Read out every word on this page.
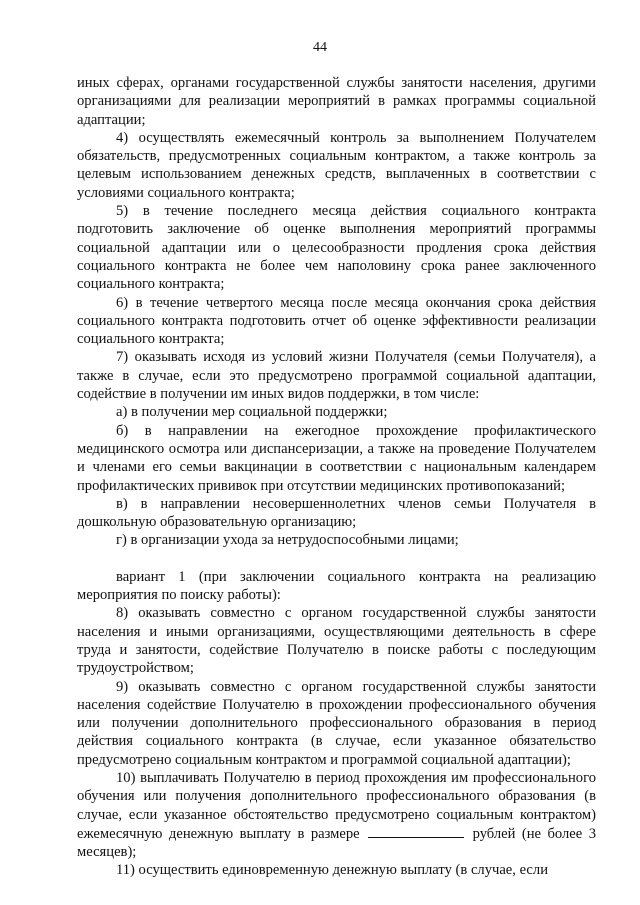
44

иных сферах, органами государственной службы занятости населения, другими организациями для реализации мероприятий в рамках программы социальной адаптации;

4) осуществлять ежемесячный контроль за выполнением Получателем обязательств, предусмотренных социальным контрактом, а также контроль за целевым использованием денежных средств, выплаченных в соответствии с условиями социального контракта;

5) в течение последнего месяца действия социального контракта подготовить заключение об оценке выполнения мероприятий программы социальной адаптации или о целесообразности продления срока действия социального контракта не более чем наполовину срока ранее заключенного социального контракта;

6) в течение четвертого месяца после месяца окончания срока действия социального контракта подготовить отчет об оценке эффективности реализации социального контракта;

7) оказывать исходя из условий жизни Получателя (семьи Получателя), а также в случае, если это предусмотрено программой социальной адаптации, содействие в получении им иных видов поддержки, в том числе:

а) в получении мер социальной поддержки;

б) в направлении на ежегодное прохождение профилактического медицинского осмотра или диспансеризации, а также на проведение Получателем и членами его семьи вакцинации в соответствии с национальным календарем профилактических прививок при отсутствии медицинских противопоказаний;

в) в направлении несовершеннолетних членов семьи Получателя в дошкольную образовательную организацию;

г) в организации ухода за нетрудоспособными лицами;

вариант 1 (при заключении социального контракта на реализацию мероприятия по поиску работы):

8) оказывать совместно с органом государственной службы занятости населения и иными организациями, осуществляющими деятельность в сфере труда и занятости, содействие Получателю в поиске работы с последующим трудоустройством;

9) оказывать совместно с органом государственной службы занятости населения содействие Получателю в прохождении профессионального обучения или получении дополнительного профессионального образования в период действия социального контракта (в случае, если указанное обязательство предусмотрено социальным контрактом и программой социальной адаптации);

10) выплачивать Получателю в период прохождения им профессионального обучения или получения дополнительного профессионального образования (в случае, если указанное обстоятельство предусмотрено социальным контрактом) ежемесячную денежную выплату в размере	рублей (не более 3 месяцев);

11) осуществить единовременную денежную выплату (в случае, если
